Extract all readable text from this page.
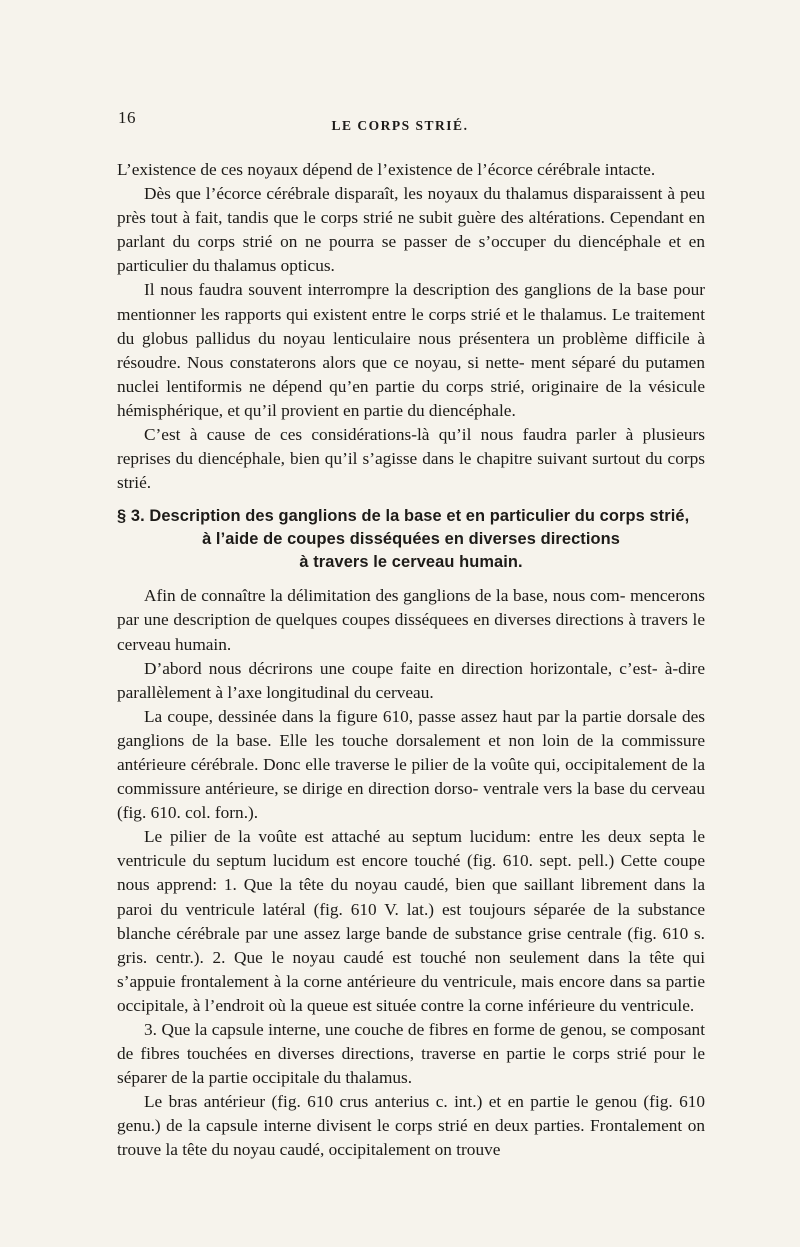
16	LE CORPS STRIÉ.

L’existence de ces noyaux dépend de l’existence de l’écorce cérébrale intacte.

Dès que l’écorce cérébrale disparaît, les noyaux du thalamus disparaissent à peu près tout à fait, tandis que le corps strié ne subit guère des altérations. Cependant en parlant du corps strié on ne pourra se passer de s’occuper du diencéphale et en particulier du thalamus opticus.

Il nous faudra souvent interrompre la description des ganglions de la base pour mentionner les rapports qui existent entre le corps strié et le thalamus. Le traitement du globus pallidus du noyau lenticulaire nous présentera un problème difficile à résoudre. Nous constaterons alors que ce noyau, si nette- ment séparé du putamen nuclei lentiformis ne dépend qu’en partie du corps strié, originaire de la vésicule hémisphérique, et qu’il provient en partie du diencéphale.

C’est à cause de ces considérations-là qu’il nous faudra parler à plusieurs reprises du diencéphale, bien qu’il s’agisse dans le chapitre suivant surtout du corps strié.

§ 3. Description des ganglions de la base et en particulier du corps strié,
à l’aide de coupes disséquées en diverses directions
à travers le cerveau humain.

Afin de connaître la délimitation des ganglions de la base, nous com- mencerons par une description de quelques coupes disséquees en diverses directions à travers le cerveau humain.

D’abord nous décrirons une coupe faite en direction horizontale, c’est- à-dire parallèlement à l’axe longitudinal du cerveau.

La coupe, dessinée dans la figure 610, passe assez haut par la partie dorsale des ganglions de la base. Elle les touche dorsalement et non loin de la commissure antérieure cérébrale. Donc elle traverse le pilier de la voûte qui, occipitalement de la commissure antérieure, se dirige en direction dorso- ventrale vers la base du cerveau (fig. 610. col. forn.).

Le pilier de la voûte est attaché au septum lucidum: entre les deux septa le ventricule du septum lucidum est encore touché (fig. 610. sept. pell.) Cette coupe nous apprend: 1. Que la tête du noyau caudé, bien que saillant librement dans la paroi du ventricule latéral (fig. 610 V. lat.) est toujours séparée de la substance blanche cérébrale par une assez large bande de substance grise centrale (fig. 610 s. gris. centr.). 2. Que le noyau caudé est touché non seulement dans la tête qui s’appuie frontalement à la corne antérieure du ventricule, mais encore dans sa partie occipitale, à l’endroit où la queue est située contre la corne inférieure du ventricule.

3. Que la capsule interne, une couche de fibres en forme de genou, se composant de fibres touchées en diverses directions, traverse en partie le corps strié pour le séparer de la partie occipitale du thalamus.

Le bras antérieur (fig. 610 crus anterius c. int.) et en partie le genou (fig. 610 genu.) de la capsule interne divisent le corps strié en deux parties. Frontalement on trouve la tête du noyau caudé, occipitalement on trouve
